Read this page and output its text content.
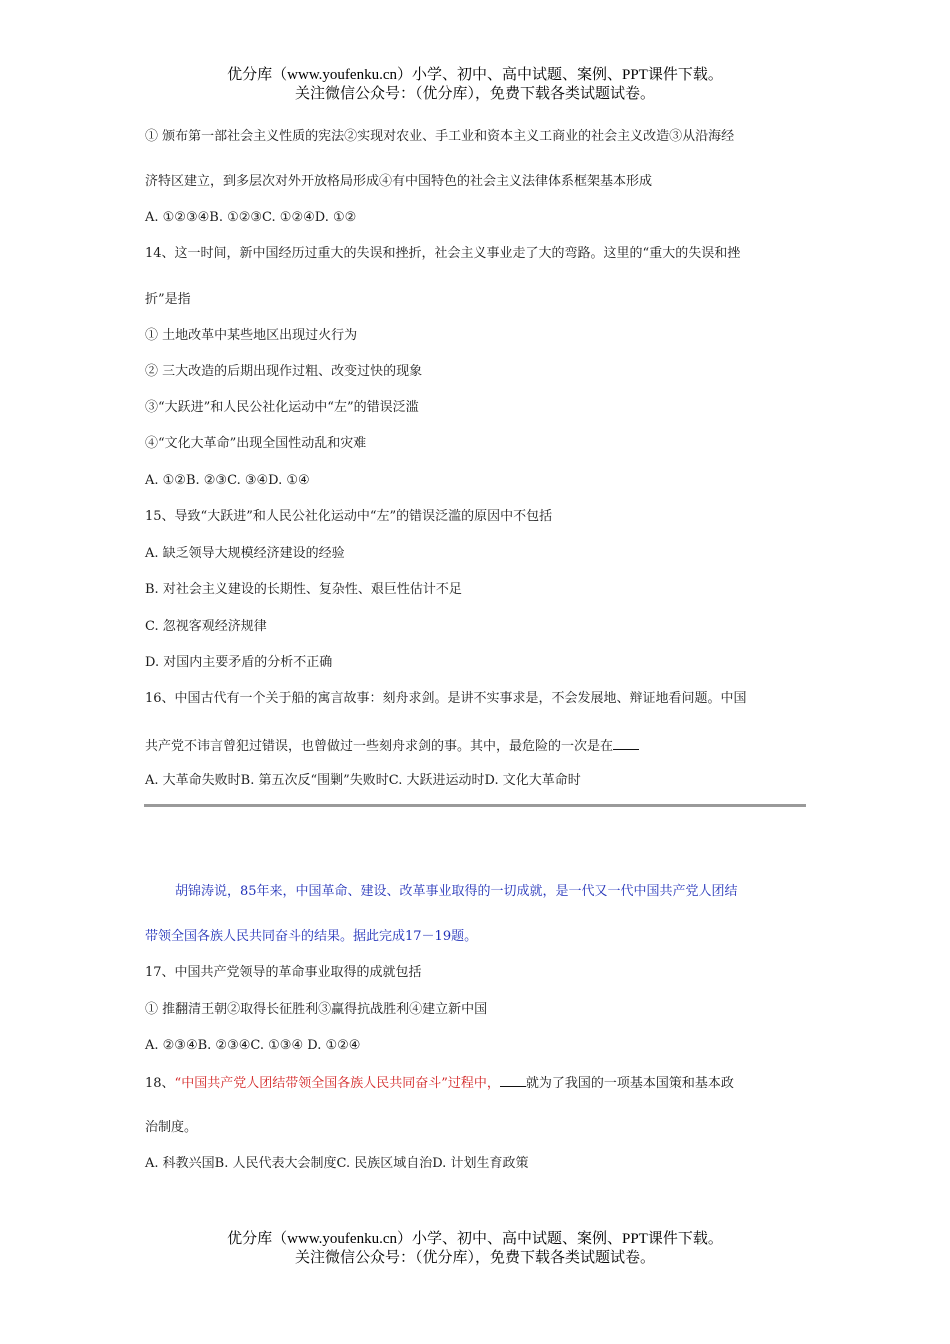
优分库（www.youfenku.cn）小学、初中、高中试题、案例、PPT课件下载。
关注微信公众号：（优分库），免费下载各类试题试卷。
① 颁布第一部社会主义性质的宪法②实现对农业、手工业和资本主义工商业的社会主义改造③从沿海经
济特区建立，到多层次对外开放格局形成④有中国特色的社会主义法律体系框架基本形成
A. ①②③④B. ①②③C. ①②④D. ①②
14、这一时间，新中国经历过重大的失误和挫折，社会主义事业走了大的弯路。这里的“重大的失误和挫
折”是指
① 土地改革中某些地区出现过火行为
② 三大改造的后期出现作过粗、改变过快的现象
③“大跃进”和人民公社化运动中“左”的错误泛滥
④“文化大革命”出现全国性动乱和灾难
A. ①②B. ②③C. ③④D. ①④
15、导致“大跃进”和人民公社化运动中“左”的错误泛滥的原因中不包括
A. 缺乏领导大规模经济建设的经验
B. 对社会主义建设的长期性、复杂性、艰巨性估计不足
C. 忽视客观经济规律
D. 对国内主要矛盾的分析不正确
16、中国古代有一个关于船的寓言故事：刻舟求剑。是讲不实事求是，不会发展地、辩证地看问题。中国
共产党不讳言曾犯过错误，也曾做过一些刻舟求剑的事。其中，最危险的一次是在
A. 大革命失败时B. 第五次反“围剿”失败时C. 大跃进运动时D. 文化大革命时
胡锦涛说，85年来，中国革命、建设、改革事业取得的一切成就，是一代又一代中国共产党人团结
带领全国各族人民共同奋斗的结果。据此完成17－19题。
17、中国共产党领导的革命事业取得的成就包括
① 推翻清王朝②取得长征胜利③赢得抗战胜利④建立新中国
A. ②③④B. ②③④C. ①③④ D. ①②④
18、“中国共产党人团结带领全国各族人民共同奋斗”过程中， 就为了我国的一项基本国策和基本政
治制度。
A. 科教兴国B. 人民代表大会制度C. 民族区域自治D. 计划生育政策
优分库（www.youfenku.cn）小学、初中、高中试题、案例、PPT课件下载。
关注微信公众号：（优分库），免费下载各类试题试卷。
